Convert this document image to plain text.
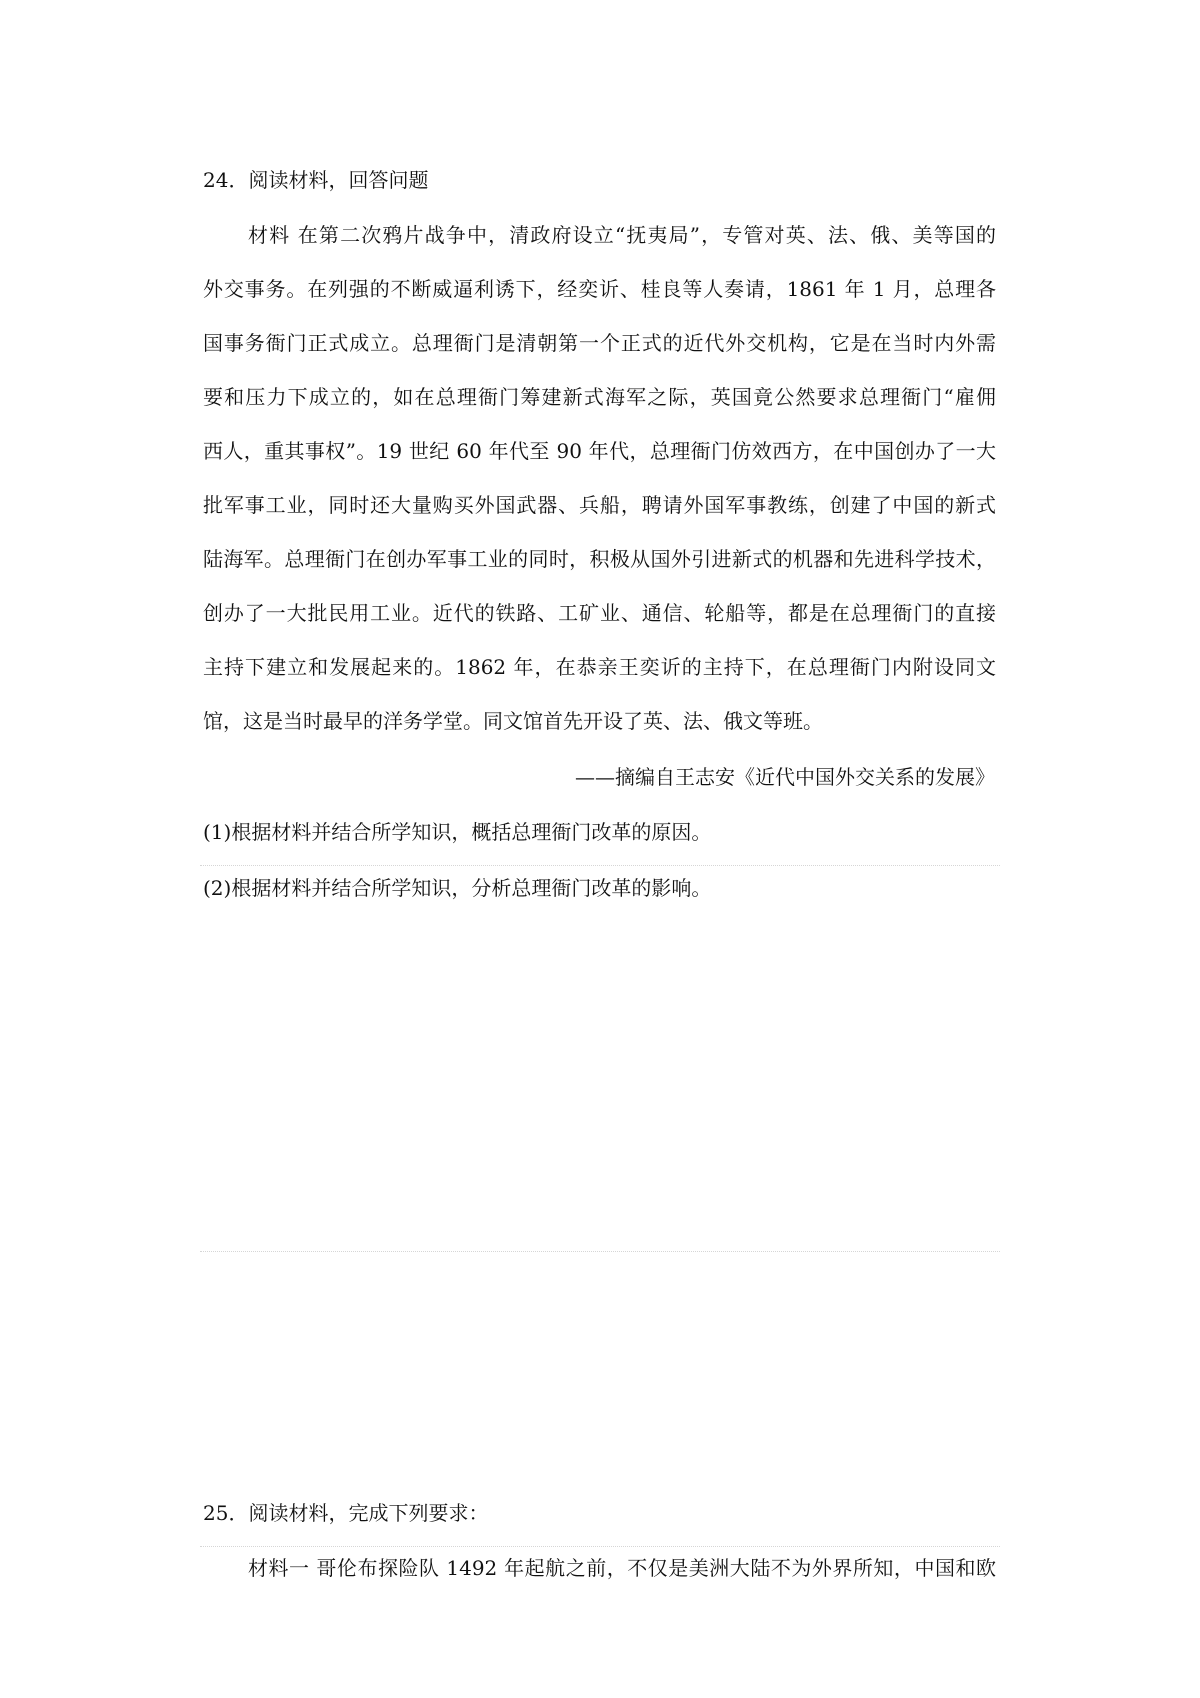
24．阅读材料，回答问题
材料 在第二次鸦片战争中，清政府设立“抚夷局”，专管对英、法、俄、美等国的
外交事务。在列强的不断威逼利诱下，经奕䜣、桂良等人奏请，1861 年 1 月，总理各
国事务衙门正式成立。总理衙门是清朝第一个正式的近代外交机构，它是在当时内外需
要和压力下成立的，如在总理衙门筹建新式海军之际，英国竟公然要求总理衙门“雇佣
西人，重其事权”。19 世纪 60 年代至 90 年代，总理衙门仿效西方，在中国创办了一大
批军事工业，同时还大量购买外国武器、兵船，聘请外国军事教练，创建了中国的新式
陆海军。总理衙门在创办军事工业的同时，积极从国外引进新式的机器和先进科学技术，
创办了一大批民用工业。近代的铁路、工矿业、通信、轮船等，都是在总理衙门的直接
主持下建立和发展起来的。1862 年，在恭亲王奕䜣的主持下，在总理衙门内附设同文
馆，这是当时最早的洋务学堂。同文馆首先开设了英、法、俄文等班。
——摘编自王志安《近代中国外交关系的发展》
(1)根据材料并结合所学知识，概括总理衙门改革的原因。
(2)根据材料并结合所学知识，分析总理衙门改革的影响。
25．阅读材料，完成下列要求：
材料一 哥伦布探险队 1492 年起航之前，不仅是美洲大陆不为外界所知，中国和欧
